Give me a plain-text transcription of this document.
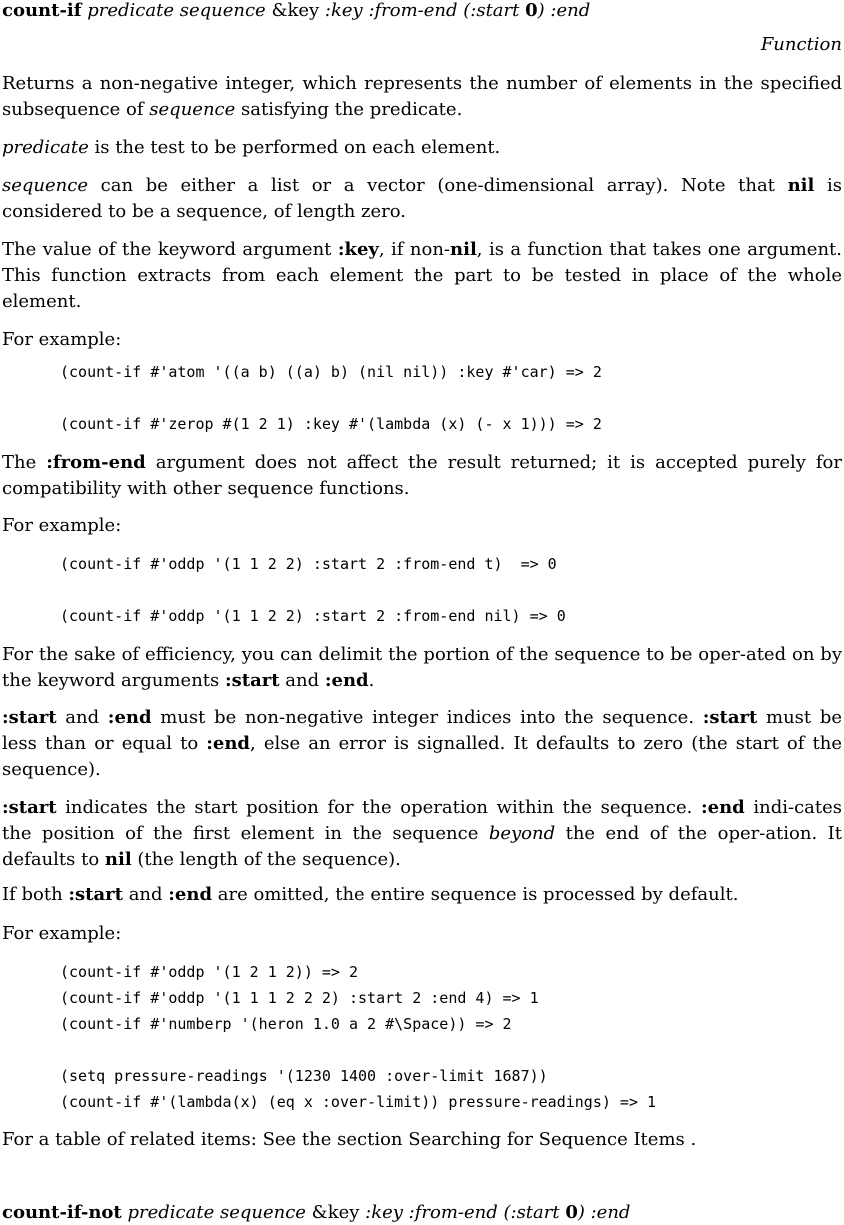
count-if predicate sequence &key :key :from-end (:start 0) :end
Function
Returns a non-negative integer, which represents the number of elements in the specified subsequence of sequence satisfying the predicate.
predicate is the test to be performed on each element.
sequence can be either a list or a vector (one-dimensional array). Note that nil is considered to be a sequence, of length zero.
The value of the keyword argument :key, if non-nil, is a function that takes one argument. This function extracts from each element the part to be tested in place of the whole element.
For example:
(count-if #'atom '((a b) ((a) b) (nil nil)) :key #'car) => 2
(count-if #'zerop #(1 2 1) :key #'(lambda (x) (- x 1))) => 2
The :from-end argument does not affect the result returned; it is accepted purely for compatibility with other sequence functions.
For example:
(count-if #'oddp '(1 1 2 2) :start 2 :from-end t)  => 0
(count-if #'oddp '(1 1 2 2) :start 2 :from-end nil) => 0
For the sake of efficiency, you can delimit the portion of the sequence to be oper-ated on by the keyword arguments :start and :end.
:start and :end must be non-negative integer indices into the sequence. :start must be less than or equal to :end, else an error is signalled. It defaults to zero (the start of the sequence).
:start indicates the start position for the operation within the sequence. :end indi-cates the position of the first element in the sequence beyond the end of the oper-ation. It defaults to nil (the length of the sequence).
If both :start and :end are omitted, the entire sequence is processed by default.
For example:
(count-if #'oddp '(1 2 1 2)) => 2
(count-if #'oddp '(1 1 1 2 2 2) :start 2 :end 4) => 1
(count-if #'numberp '(heron 1.0 a 2 #\Space)) => 2
(setq pressure-readings '(1230 1400 :over-limit 1687))
(count-if #'(lambda(x) (eq x :over-limit)) pressure-readings) => 1
For a table of related items: See the section Searching for Sequence Items .
count-if-not predicate sequence &key :key :from-end (:start 0) :end
